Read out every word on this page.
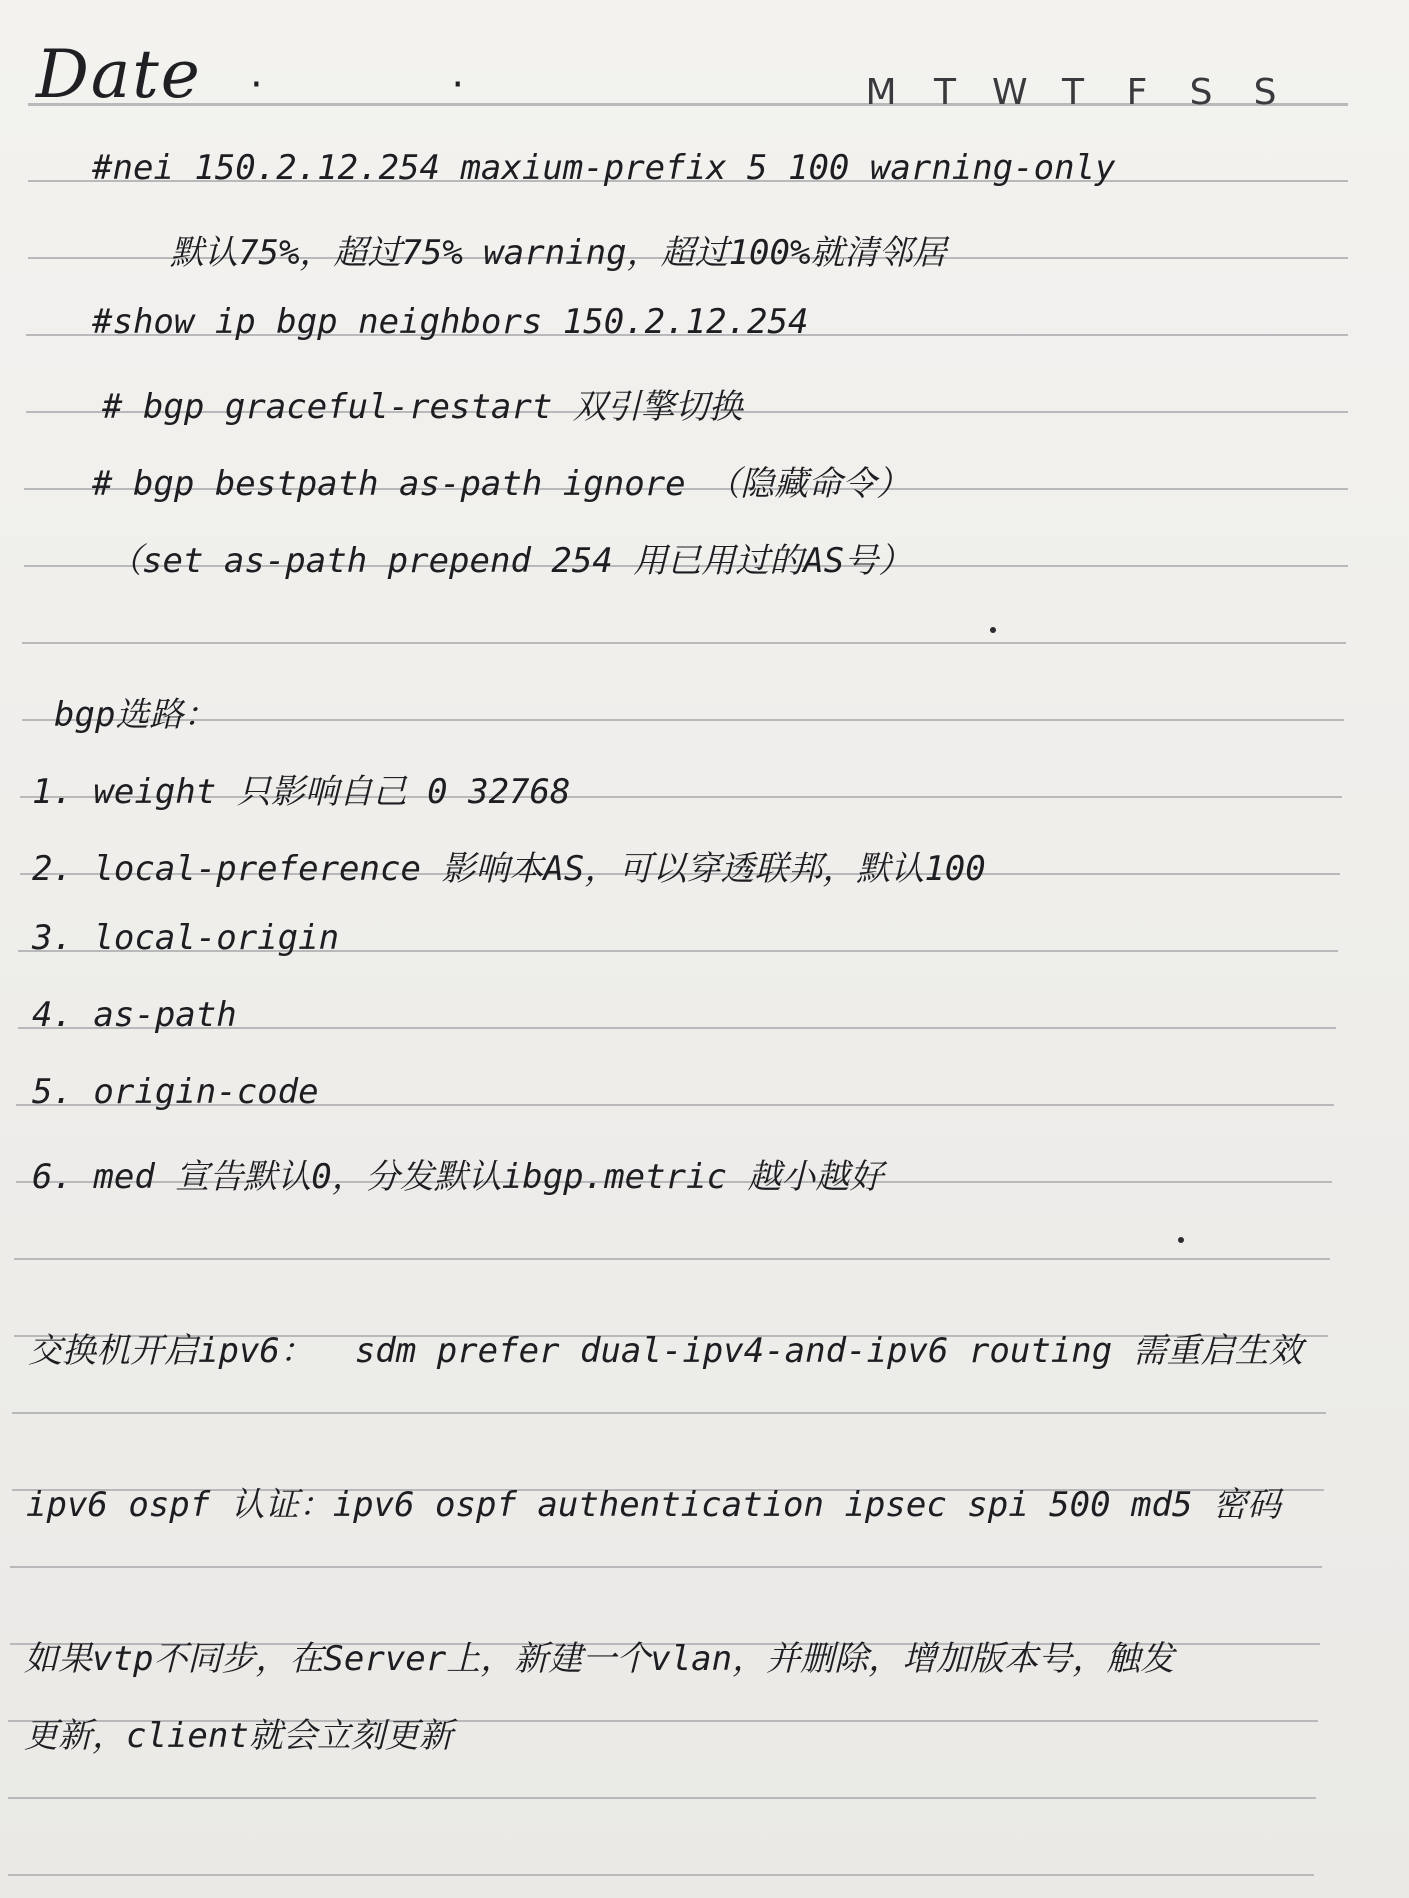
Date · ·	M T W T F S S
#nei 150.2.12.254 maxium-prefix 5 100 warning-only
默认75%，超过75% warning，超过100%就清邻居
#show ip bgp neighbors 150.2.12.254
# bgp graceful-restart 双引擎切换
# bgp bestpath as-path ignore （隐藏命令）
（set as-path prepend 254 用已用过的AS号）
bgp选路：
1. weight 只影响自己 0 32768
2. local-preference 影响本AS，可以穿透联邦，默认100
3. local-origin
4. as-path
5. origin-code
6. med 宣告默认0，分发默认ibgp.metric 越小越好
交换机开启ipv6：  sdm prefer dual-ipv4-and-ipv6 routing 需重启生效
ipv6 ospf 认证：ipv6 ospf authentication ipsec spi 500 md5 密码
如果vtp不同步，在Server上，新建一个vlan，并删除，增加版本号，触发
更新，client就会立刻更新
